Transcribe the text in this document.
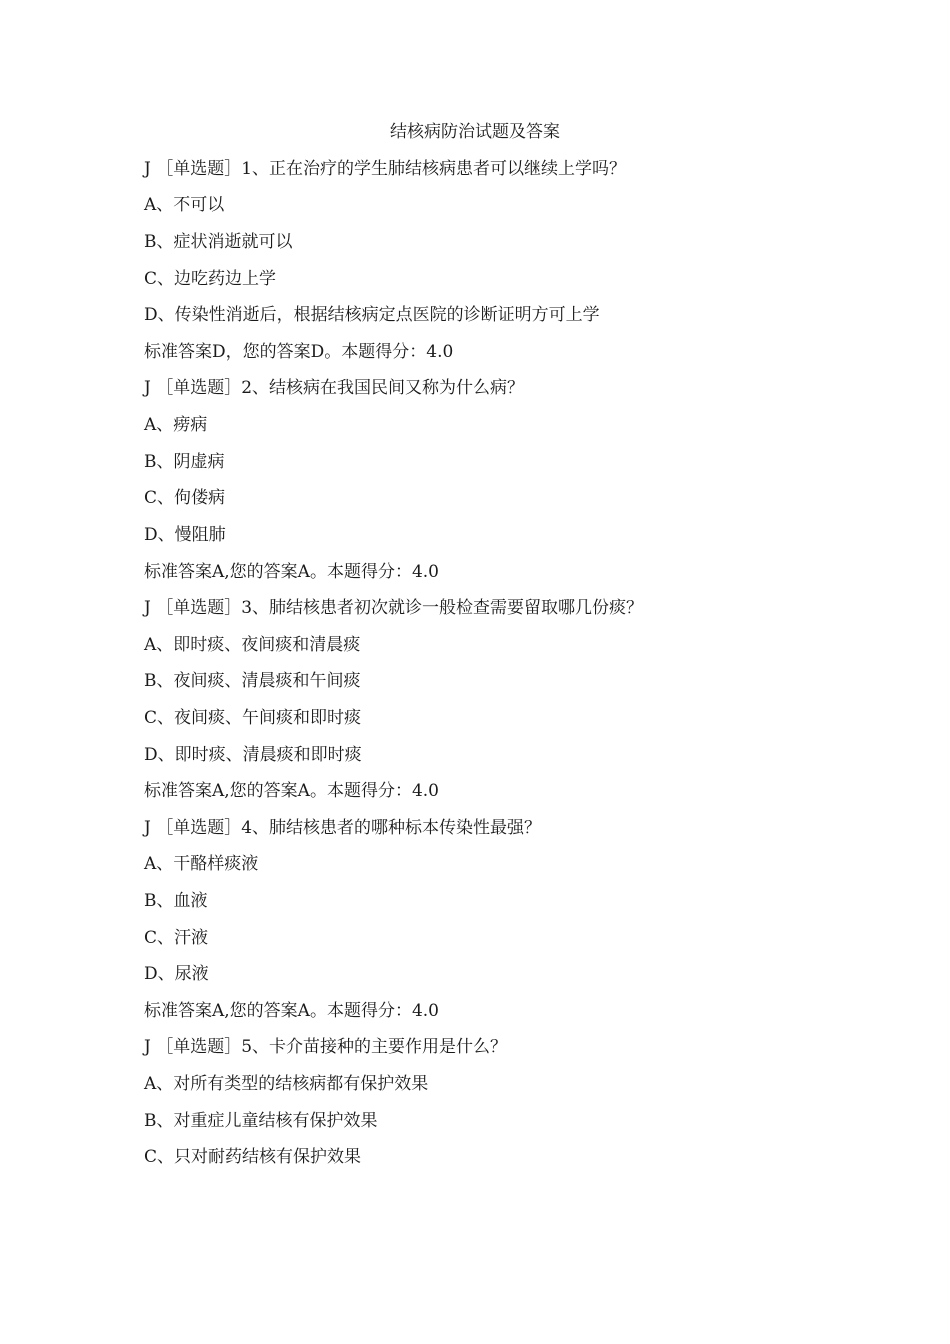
结核病防治试题及答案
J ［单选题］1、正在治疗的学生肺结核病患者可以继续上学吗？
A、不可以
B、症状消逝就可以
C、边吃药边上学
D、传染性消逝后，根据结核病定点医院的诊断证明方可上学
标准答案D，您的答案D。本题得分：4.0
J ［单选题］2、结核病在我国民间又称为什么病？
A、痨病
B、阴虚病
C、佝偻病
D、慢阻肺
标准答案A,您的答案A。本题得分：4.0
J ［单选题］3、肺结核患者初次就诊一般检查需要留取哪几份痰？
A、即时痰、夜间痰和清晨痰
B、夜间痰、清晨痰和午间痰
C、夜间痰、午间痰和即时痰
D、即时痰、清晨痰和即时痰
标准答案A,您的答案A。本题得分：4.0
J ［单选题］4、肺结核患者的哪种标本传染性最强？
A、干酪样痰液
B、血液
C、汗液
D、尿液
标准答案A,您的答案A。本题得分：4.0
J ［单选题］5、卡介苗接种的主要作用是什么？
A、对所有类型的结核病都有保护效果
B、对重症儿童结核有保护效果
C、只对耐药结核有保护效果
